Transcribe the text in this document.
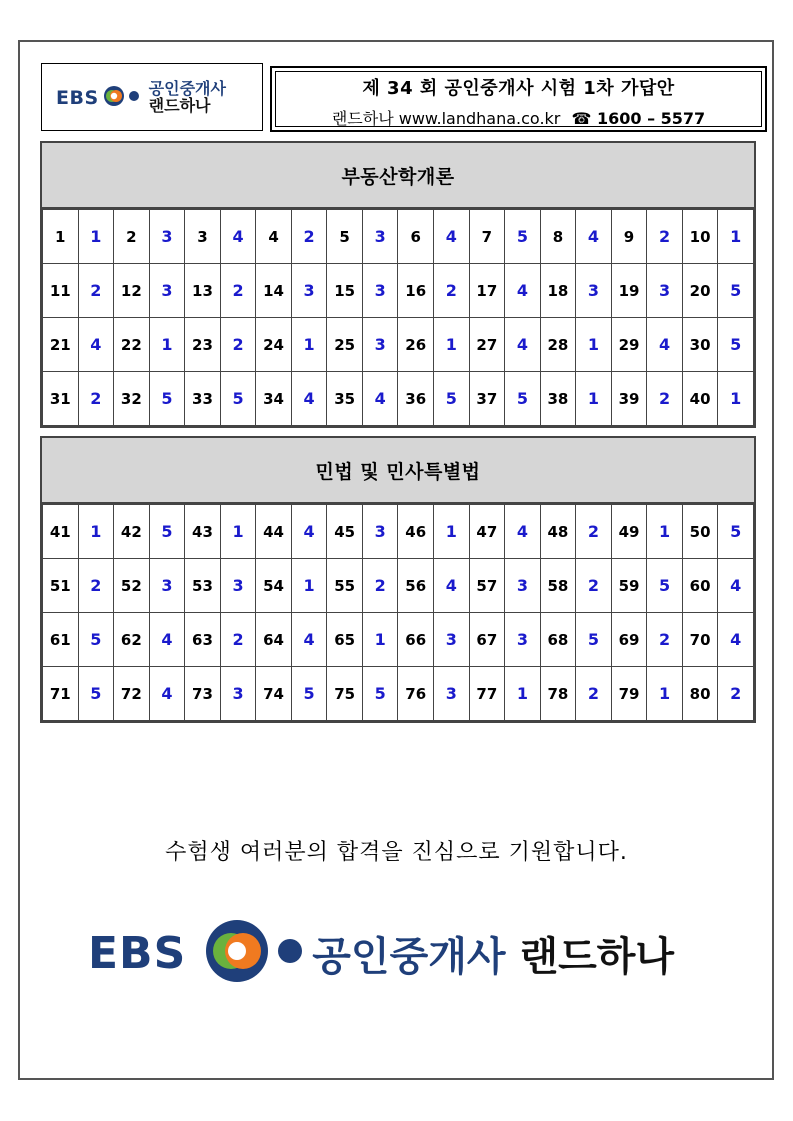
EBS	공인중개사
랜드하나
제 34 회 공인중개사 시험 1차 가답안
랜드하나 www.landhana.co.kr ☎ 1600 – 5577
부동산학개론
1	1	2	3	3	4	4	2	5	3	6	4	7	5	8	4	9	2	10	1
11	2	12	3	13	2	14	3	15	3	16	2	17	4	18	3	19	3	20	5
21	4	22	1	23	2	24	1	25	3	26	1	27	4	28	1	29	4	30	5
31	2	32	5	33	5	34	4	35	4	36	5	37	5	38	1	39	2	40	1
민법 및 민사특별법
41	1	42	5	43	1	44	4	45	3	46	1	47	4	48	2	49	1	50	5
51	2	52	3	53	3	54	1	55	2	56	4	57	3	58	2	59	5	60	4
61	5	62	4	63	2	64	4	65	1	66	3	67	3	68	5	69	2	70	4
71	5	72	4	73	3	74	5	75	5	76	3	77	1	78	2	79	1	80	2
수험생 여러분의 합격을 진심으로 기원합니다.
EBS	공인중개사 랜드하나
